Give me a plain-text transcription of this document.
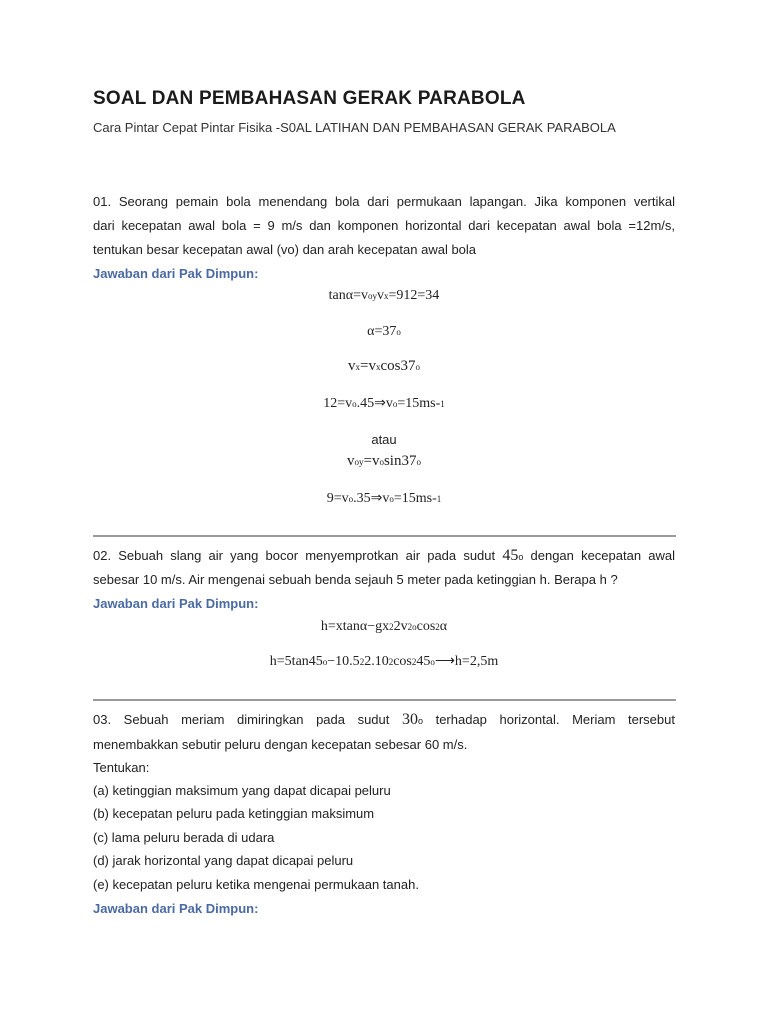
SOAL DAN PEMBAHASAN GERAK PARABOLA
Cara Pintar Cepat Pintar Fisika -S0AL LATIHAN DAN PEMBAHASAN GERAK PARABOLA
01. Seorang pemain bola menendang bola dari permukaan lapangan. Jika komponen vertikal
dari kecepatan awal bola = 9 m/s dan komponen horizontal dari kecepatan awal bola =12m/s,
tentukan besar kecepatan awal (vo) dan arah kecepatan awal bola
Jawaban dari Pak Dimpun:
tanα=voyvx=912=34
α=37o
vx=vxcos37o
12=vo.45⇒vo=15ms-1
atau
voy=vosin37o
9=vo.35⇒vo=15ms-1
02. Sebuah slang air yang bocor menyemprotkan air pada sudut 45o dengan kecepatan awal
sebesar 10 m/s. Air mengenai sebuah benda sejauh 5 meter pada ketinggian h. Berapa h ?
Jawaban dari Pak Dimpun:
h=xtanα−gx22v2ocos2α
h=5tan45o−10.522.102cos245o⟶h=2,5m
03. Sebuah meriam dimiringkan pada sudut 30o terhadap horizontal. Meriam tersebut
menembakkan sebutir peluru dengan kecepatan sebesar 60 m/s.
Tentukan:
(a) ketinggian maksimum yang dapat dicapai peluru
(b) kecepatan peluru pada ketinggian maksimum
(c) lama peluru berada di udara
(d) jarak horizontal yang dapat dicapai peluru
(e) kecepatan peluru ketika mengenai permukaan tanah.
Jawaban dari Pak Dimpun:
